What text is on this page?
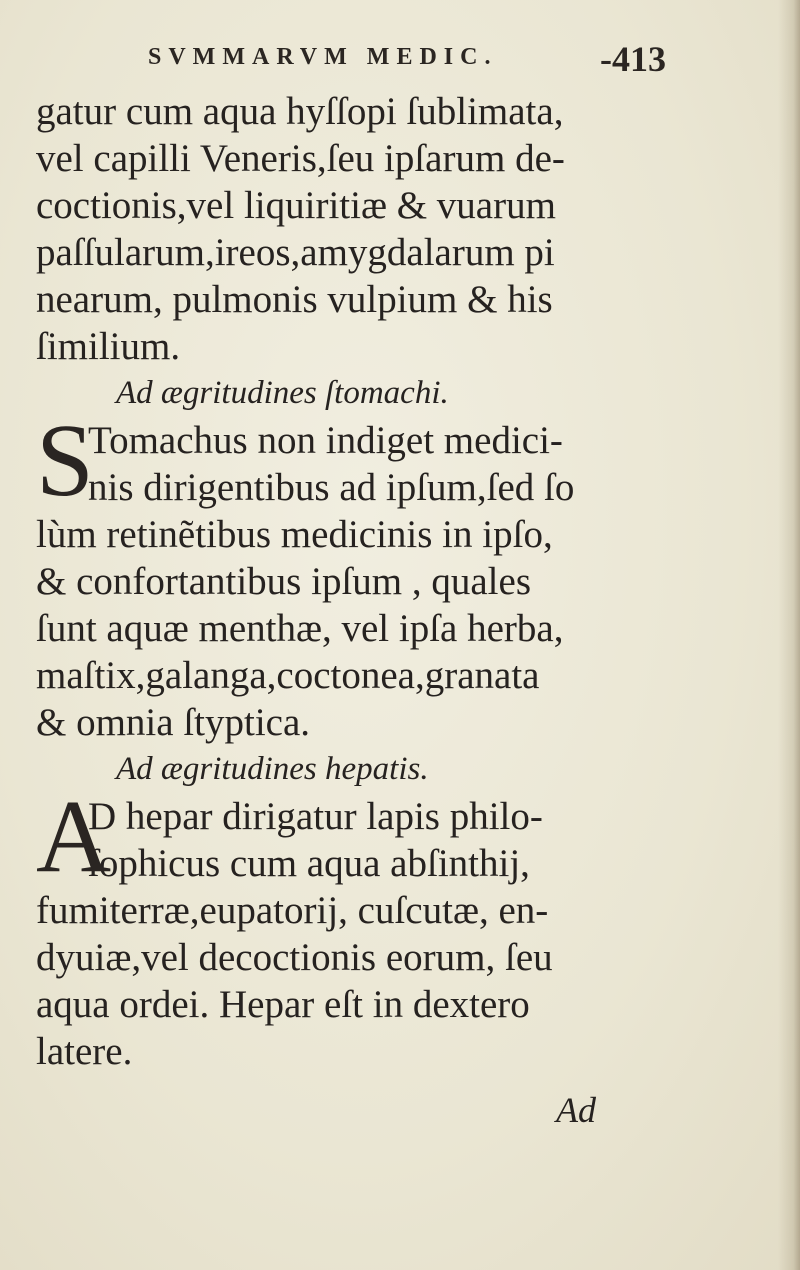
SVMMARVM MEDIC.	-413
gatur cum aqua hyſſopi ſublimata,
vel capilli Veneris,ſeu ipſarum de-
coctionis,vel liquiritiæ & vuarum
paſſularum,ireos,amygdalarum pi
nearum, pulmonis vulpium & his
ſimilium.
Ad ægritudines ſtomachi.
S
Tomachus non indiget medici-
nis dirigentibus ad ipſum,ſed ſo
lùm retinẽtibus medicinis in ipſo,
& confortantibus ipſum , quales
ſunt aquæ menthæ, vel ipſa herba,
maſtix,galanga,coctonea,granata
& omnia ſtyptica.
Ad ægritudines hepatis.
A
D hepar dirigatur lapis philo-
ſophicus cum aqua abſinthij,
fumiterræ,eupatorij, cuſcutæ, en-
dyuiæ,vel decoctionis eorum, ſeu
aqua ordei. Hepar eſt in dextero
latere.
Ad
